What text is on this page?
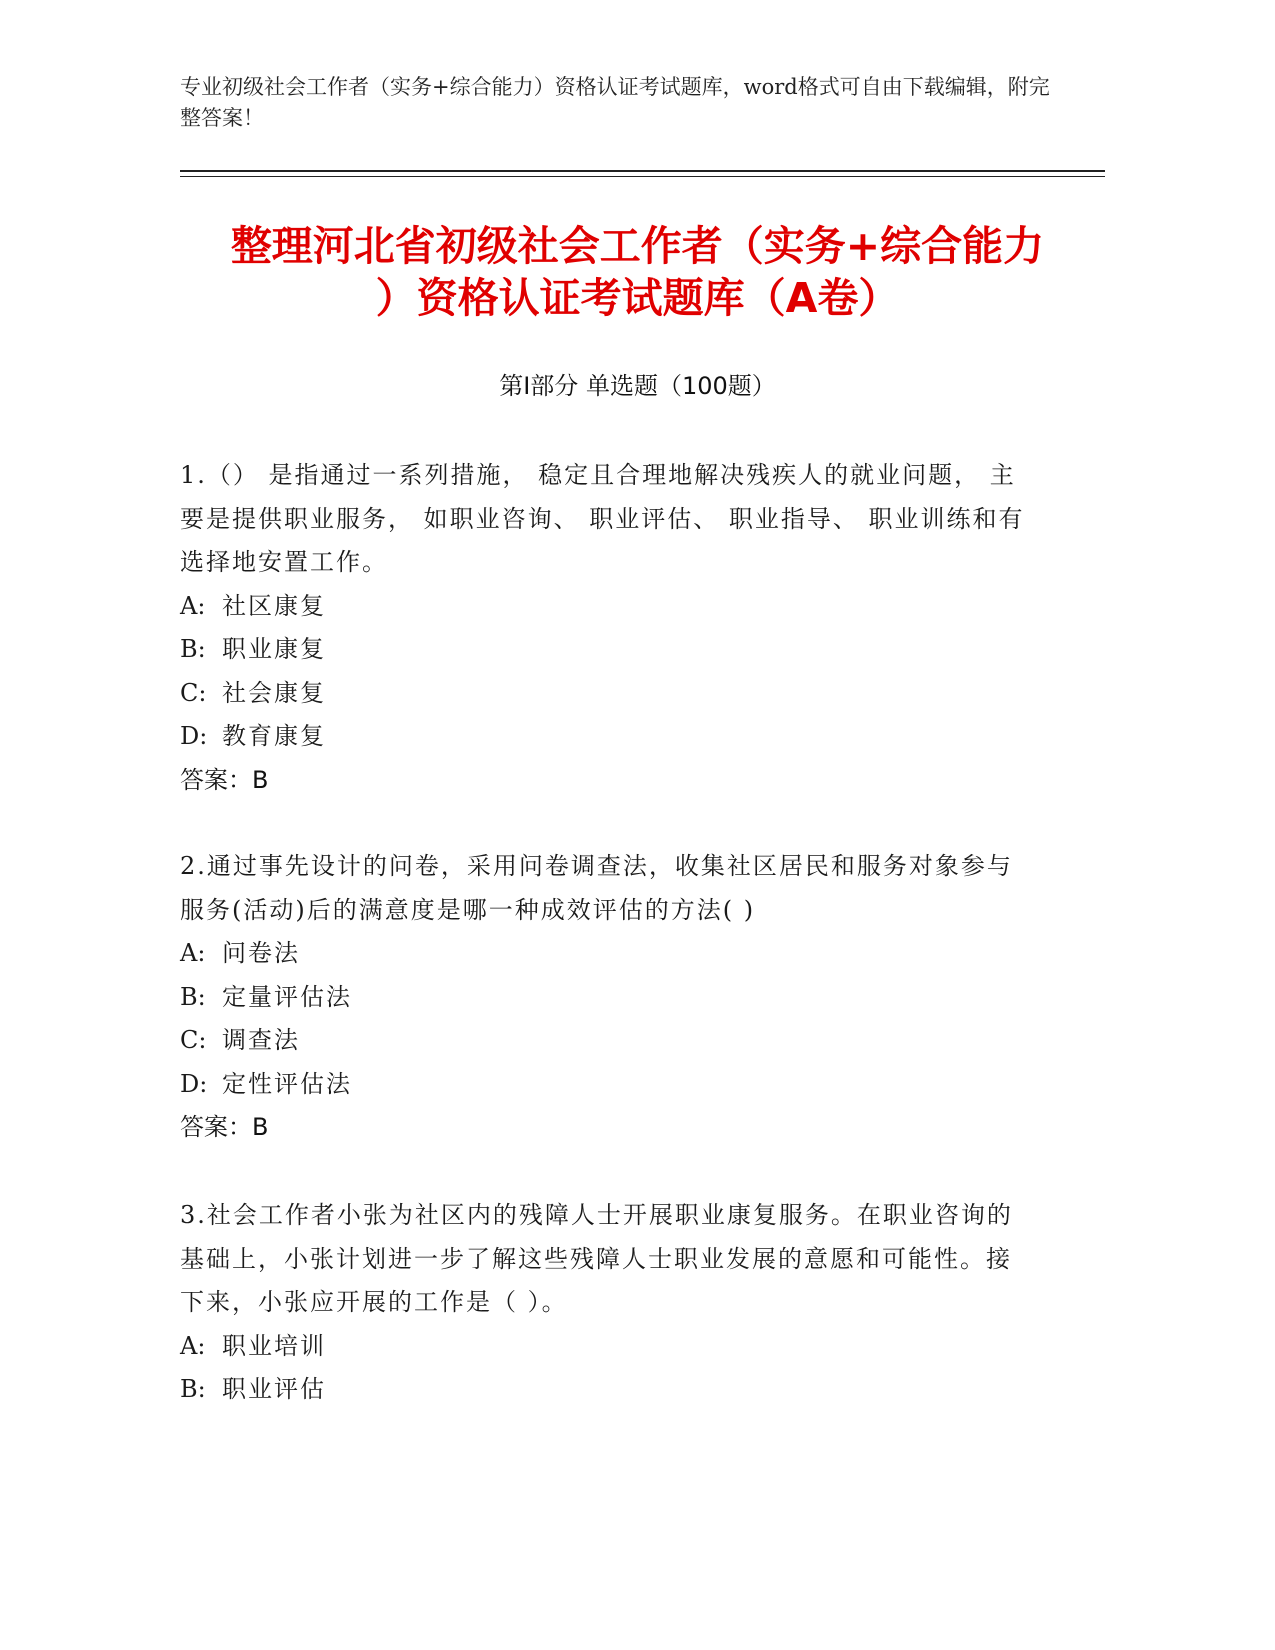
专业初级社会工作者（实务+综合能力）资格认证考试题库，word格式可自由下载编辑，附完整答案！
整理河北省初级社会工作者（实务+综合能力
）资格认证考试题库（A卷）
第I部分 单选题（100题）

1.（） 是指通过一系列措施， 稳定且合理地解决残疾人的就业问题， 主要是提供职业服务， 如职业咨询、 职业评估、 职业指导、 职业训练和有选择地安置工作。

A: 社区康复
B: 职业康复
C: 社会康复
D: 教育康复
答案：B

2.通过事先设计的问卷，采用问卷调查法，收集社区居民和服务对象参与服务(活动)后的满意度是哪一种成效评估的方法( )

A: 问卷法
B: 定量评估法
C: 调查法
D: 定性评估法
答案：B

3.社会工作者小张为社区内的残障人士开展职业康复服务。在职业咨询的基础上，小张计划进一步了解这些残障人士职业发展的意愿和可能性。接下来，小张应开展的工作是（ ）。

A: 职业培训
B: 职业评估
